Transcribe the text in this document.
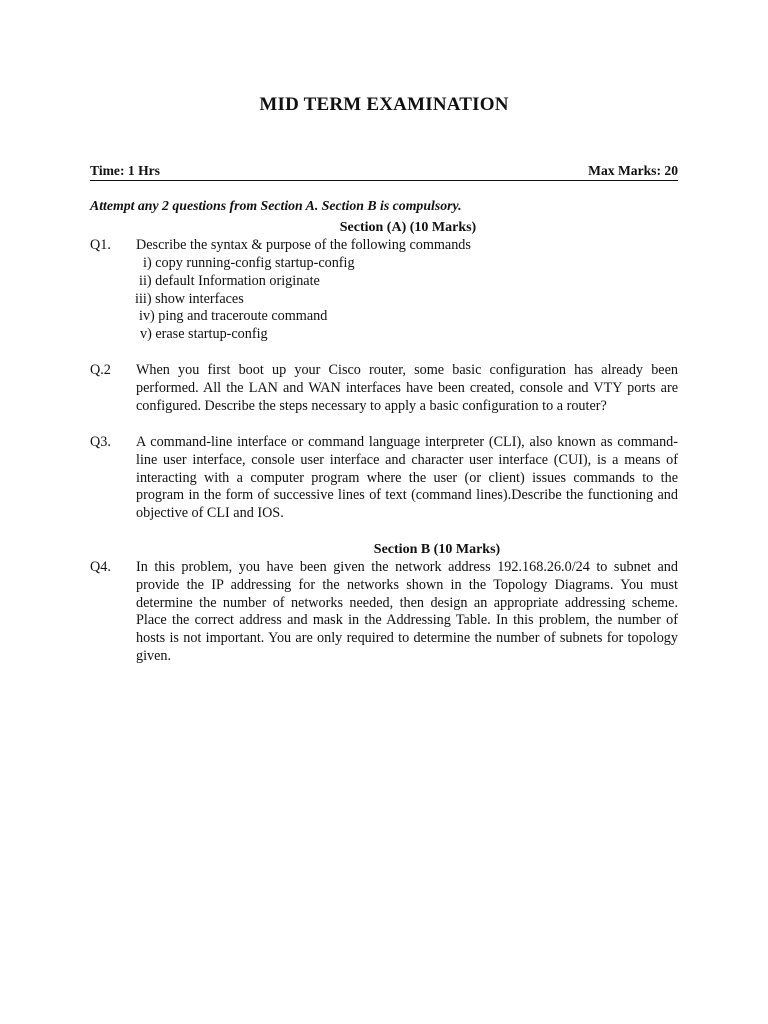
MID TERM EXAMINATION
Time: 1 Hrs	Max Marks: 20
Attempt any 2 questions from Section A. Section B is compulsory.
Section (A) (10 Marks)
Q1. Describe the syntax & purpose of the following commands
i) copy running-config startup-config
ii) default Information originate
iii) show interfaces
iv) ping and traceroute command
v) erase startup-config
Q.2 When you first boot up your Cisco router, some basic configuration has already been performed. All the LAN and WAN interfaces have been created, console and VTY ports are configured. Describe the steps necessary to apply a basic configuration to a router?
Q3. A command-line interface or command language interpreter (CLI), also known as command-line user interface, console user interface and character user interface (CUI), is a means of interacting with a computer program where the user (or client) issues commands to the program in the form of successive lines of text (command lines).Describe the functioning and objective of CLI and IOS.
Section B (10 Marks)
Q4. In this problem, you have been given the network address 192.168.26.0/24 to subnet and provide the IP addressing for the networks shown in the Topology Diagrams. You must determine the number of networks needed, then design an appropriate addressing scheme. Place the correct address and mask in the Addressing Table. In this problem, the number of hosts is not important. You are only required to determine the number of subnets for topology given.
